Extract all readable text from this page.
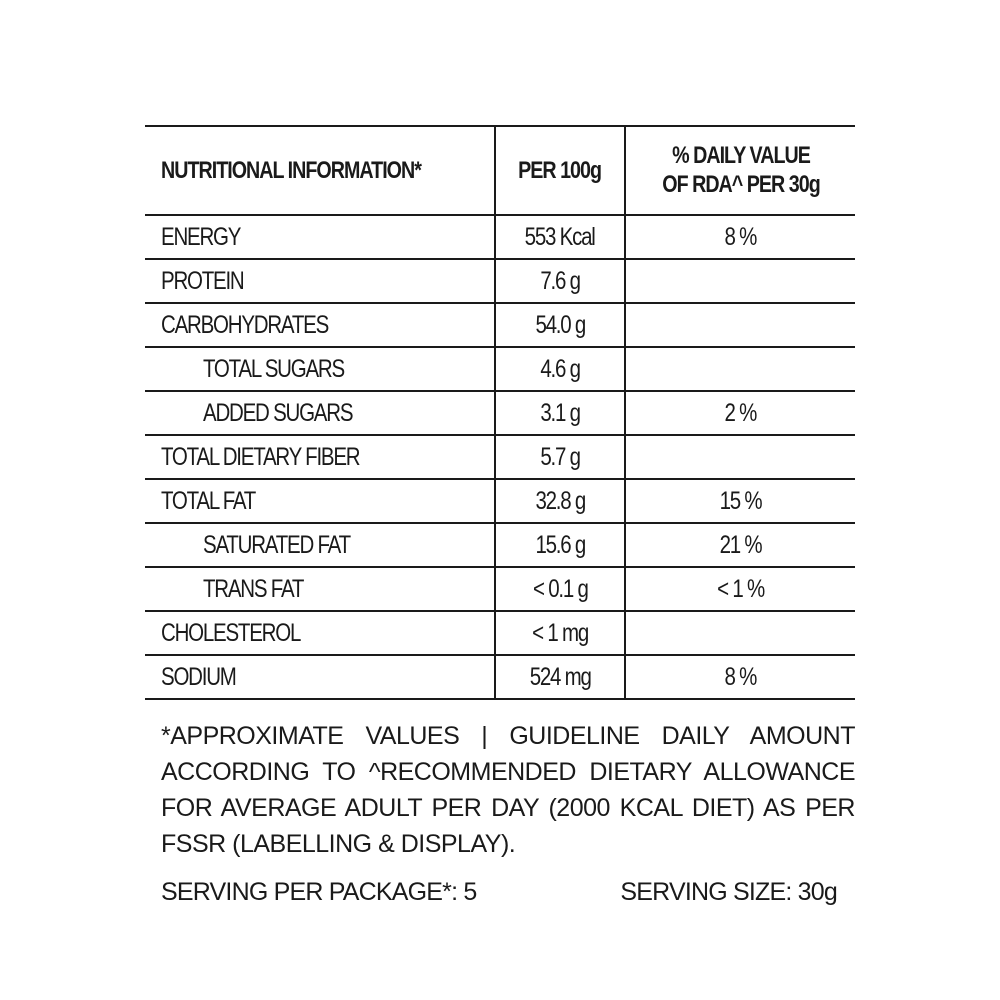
NUTRITIONAL INFORMATION*	PER 100g	% DAILY VALUE OF RDA^ PER 30g
ENERGY	553 Kcal	8 %
PROTEIN	7.6 g	
CARBOHYDRATES	54.0 g	
TOTAL SUGARS	4.6 g	
ADDED SUGARS	3.1 g	2 %
TOTAL DIETARY FIBER	5.7 g	
TOTAL FAT	32.8 g	15 %
SATURATED FAT	15.6 g	21 %
TRANS FAT	< 0.1 g	< 1 %
CHOLESTEROL	< 1 mg	
SODIUM	524 mg	8 %
*APPROXIMATE VALUES | GUIDELINE DAILY AMOUNT ACCORDING TO ^RECOMMENDED DIETARY ALLOWANCE FOR AVERAGE ADULT PER DAY (2000 KCAL DIET) AS PER FSSR (LABELLING & DISPLAY).
SERVING PER PACKAGE*: 5	SERVING SIZE: 30g
